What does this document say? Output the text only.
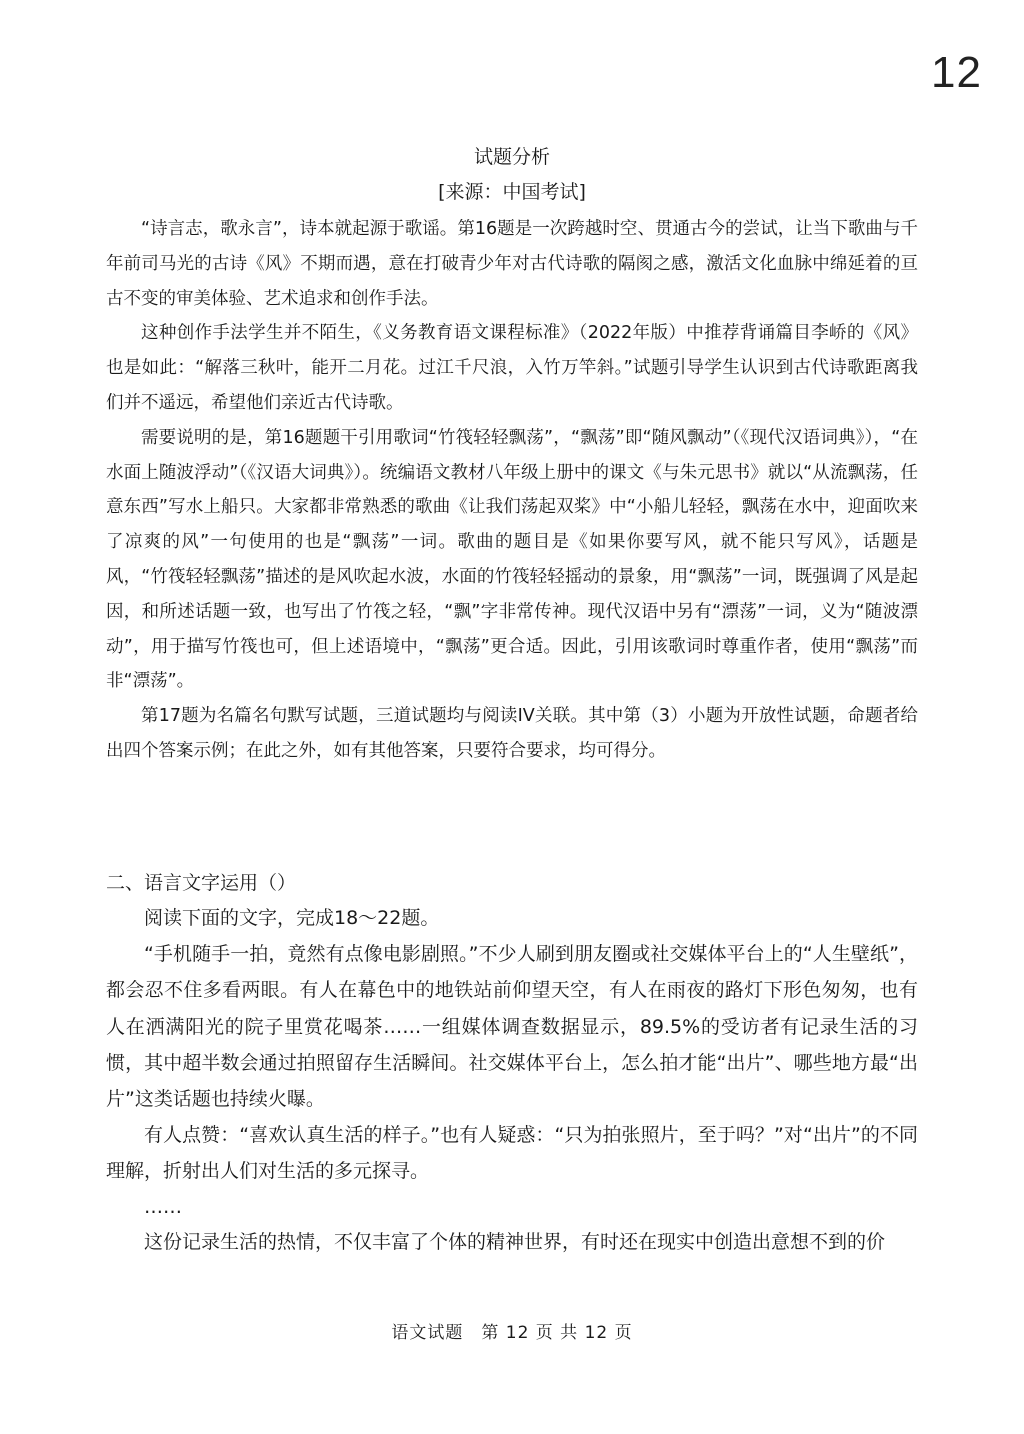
12
试题分析
[来源：中国考试]

“诗言志，歌永言”，诗本就起源于歌谣。第16题是一次跨越时空、贯通古今的尝试，让当下歌曲与千年前司马光的古诗《风》不期而遇，意在打破青少年对古代诗歌的隔阂之感，激活文化血脉中绵延着的亘古不变的审美体验、艺术追求和创作手法。

这种创作手法学生并不陌生，《义务教育语文课程标准》（2022年版）中推荐背诵篇目李峤的《风》也是如此：“解落三秋叶，能开二月花。过江千尺浪，入竹万竿斜。”试题引导学生认识到古代诗歌距离我们并不遥远，希望他们亲近古代诗歌。

需要说明的是，第16题题干引用歌词“竹筏轻轻飘荡”，“飘荡”即“随风飘动”（《现代汉语词典》），“在水面上随波浮动”（《汉语大词典》）。统编语文教材八年级上册中的课文《与朱元思书》就以“从流飘荡，任意东西”写水上船只。大家都非常熟悉的歌曲《让我们荡起双桨》中“小船儿轻轻，飘荡在水中，迎面吹来了凉爽的风”一句使用的也是“飘荡”一词。歌曲的题目是《如果你要写风，就不能只写风》，话题是风，“竹筏轻轻飘荡”描述的是风吹起水波，水面的竹筏轻轻摇动的景象，用“飘荡”一词，既强调了风是起因，和所述话题一致，也写出了竹筏之轻，“飘”字非常传神。现代汉语中另有“漂荡”一词，义为“随波漂动”，用于描写竹筏也可，但上述语境中，“飘荡”更合适。因此，引用该歌词时尊重作者，使用“飘荡”而非“漂荡”。

第17题为名篇名句默写试题，三道试题均与阅读IV关联。其中第（3）小题为开放性试题，命题者给出四个答案示例；在此之外，如有其他答案，只要符合要求，均可得分。

二、语言文字运用（）

阅读下面的文字，完成18～22题。

“手机随手一拍，竟然有点像电影剧照。”不少人刷到朋友圈或社交媒体平台上的“人生壁纸”，都会忍不住多看两眼。有人在幕色中的地铁站前仰望天空，有人在雨夜的路灯下形色匆匆，也有人在洒满阳光的院子里赏花喝茶……一组媒体调查数据显示，89.5%的受访者有记录生活的习惯，其中超半数会通过拍照留存生活瞬间。社交媒体平台上，怎么拍才能“出片”、哪些地方最“出片”这类话题也持续火曝。

有人点赞：“喜欢认真生活的样子。”也有人疑惑：“只为拍张照片，至于吗？”对“出片”的不同理解，折射出人们对生活的多元探寻。

……

这份记录生活的热情，不仅丰富了个体的精神世界，有时还在现实中创造出意想不到的价

语文试题　第 12 页 共 12 页
